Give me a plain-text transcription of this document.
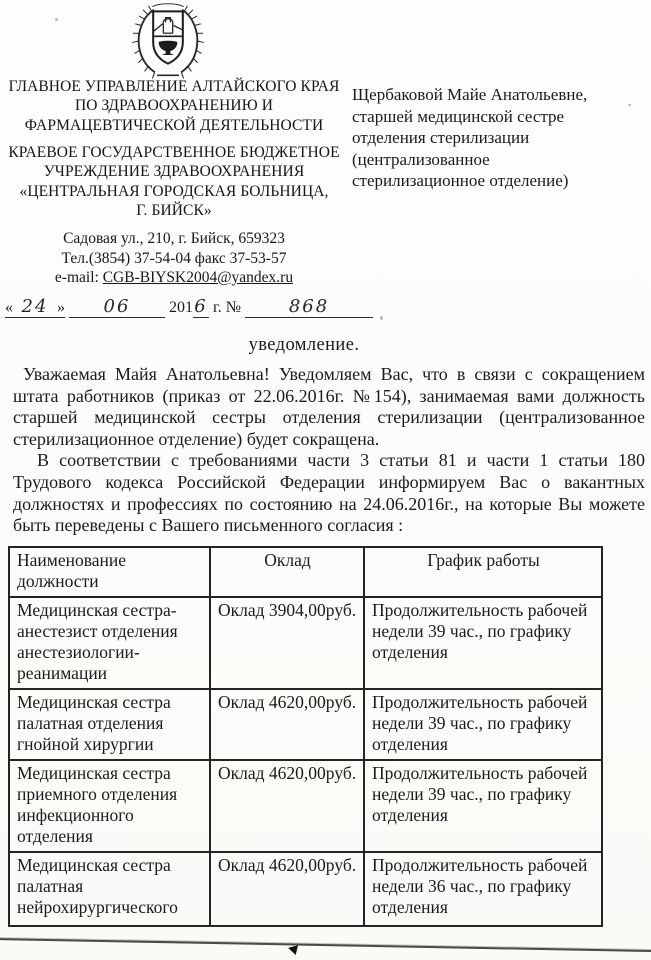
ГЛАВНОЕ УПРАВЛЕНИЕ АЛТАЙСКОГО КРАЯ
ПО ЗДРАВООХРАНЕНИЮ И
ФАРМАЦЕВТИЧЕСКОЙ ДЕЯТЕЛЬНОСТИ
КРАЕВОЕ ГОСУДАРСТВЕННОЕ БЮДЖЕТНОЕ
УЧРЕЖДЕНИЕ ЗДРАВООХРАНЕНИЯ
«ЦЕНТРАЛЬНАЯ ГОРОДСКАЯ БОЛЬНИЦА,
Г. БИЙСК»
Садовая ул., 210, г. Бийск, 659323
Тел.(3854) 37-54-04 факс 37-53-57
e-mail: CGB-BIYSK2004@yandex.ru
Щербаковой Майе Анатольевне,
старшей медицинской сестре
отделения стерилизации
(централизованное
стерилизационное отделение)
« 24 » 06 2016 г. №	868
уведомление.

Уважаемая Майя Анатольевна! Уведомляем Вас, что в связи с сокращением штата работников (приказ от 22.06.2016г. №154), занимаемая вами должность старшей медицинской сестры отделения стерилизации (централизованное стерилизационное отделение) будет сокращена.

В соответствии с требованиями части 3 статьи 81 и части 1 статьи 180 Трудового кодекса Российской Федерации информируем Вас о вакантных должностях и профессиях по состоянию на 24.06.2016г., на которые Вы можете быть переведены с Вашего письменного согласия :

Наименование должности	Оклад	График работы
Медицинская сестра-анестезист отделения анестезиологии-реанимации	Оклад 3904,00руб.	Продолжительность рабочей недели 39 час., по графику отделения
Медицинская сестра палатная отделения гнойной хирургии	Оклад 4620,00руб.	Продолжительность рабочей недели 39 час., по графику отделения
Медицинская сестра приемного отделения инфекционного отделения	Оклад 4620,00руб.	Продолжительность рабочей недели 39 час., по графику отделения
Медицинская сестра палатная нейрохирургического	Оклад 4620,00руб.	Продолжительность рабочей недели 36 час., по графику отделения
